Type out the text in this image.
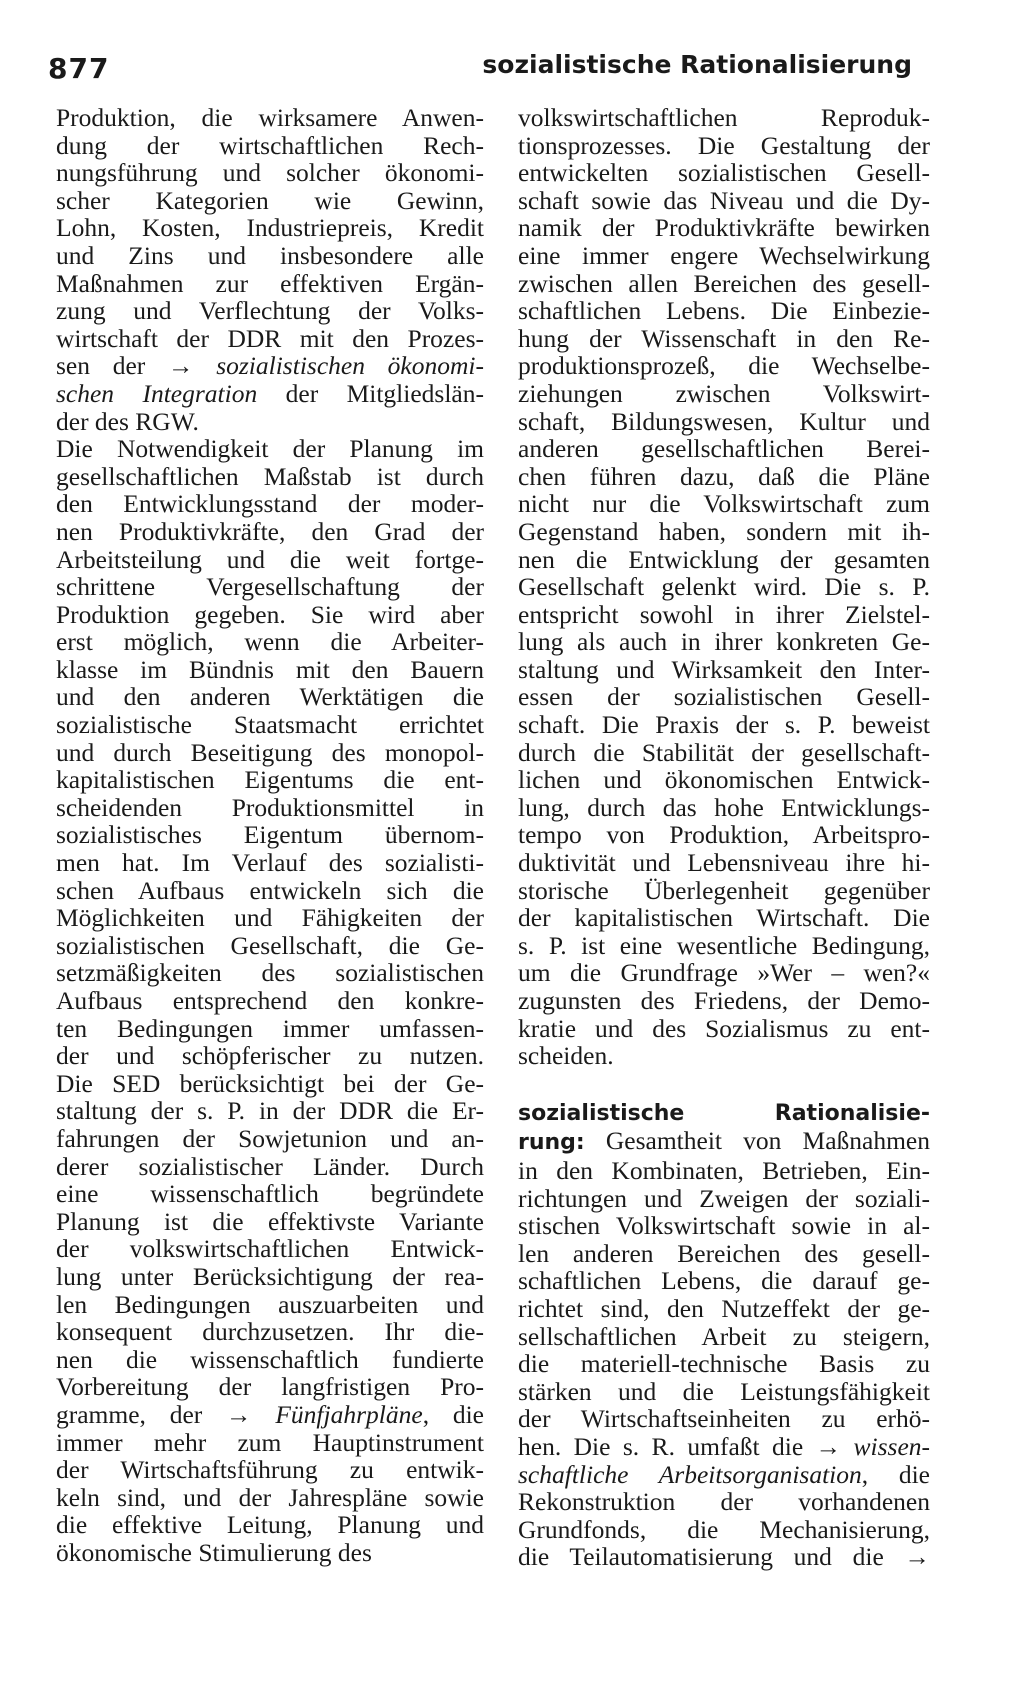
877	sozialistische Rationalisierung
Produktion, die wirksamere Anwen-
dung der wirtschaftlichen Rech-
nungsführung und solcher ökonomi-
scher Kategorien wie Gewinn,
Lohn, Kosten, Industriepreis, Kredit
und Zins und insbesondere alle
Maßnahmen zur effektiven Ergän-
zung und Verflechtung der Volks-
wirtschaft der DDR mit den Prozes-
sen der → sozialistischen ökonomi-
schen Integration der Mitgliedslän-
der des RGW.
Die Notwendigkeit der Planung im
gesellschaftlichen Maßstab ist durch
den Entwicklungsstand der moder-
nen Produktivkräfte, den Grad der
Arbeitsteilung und die weit fortge-
schrittene Vergesellschaftung der
Produktion gegeben. Sie wird aber
erst möglich, wenn die Arbeiter-
klasse im Bündnis mit den Bauern
und den anderen Werktätigen die
sozialistische Staatsmacht errichtet
und durch Beseitigung des monopol-
kapitalistischen Eigentums die ent-
scheidenden Produktionsmittel in
sozialistisches Eigentum übernom-
men hat. Im Verlauf des sozialisti-
schen Aufbaus entwickeln sich die
Möglichkeiten und Fähigkeiten der
sozialistischen Gesellschaft, die Ge-
setzmäßigkeiten des sozialistischen
Aufbaus entsprechend den konkre-
ten Bedingungen immer umfassen-
der und schöpferischer zu nutzen.
Die SED berücksichtigt bei der Ge-
staltung der s. P. in der DDR die Er-
fahrungen der Sowjetunion und an-
derer sozialistischer Länder. Durch
eine wissenschaftlich begründete
Planung ist die effektivste Variante
der volkswirtschaftlichen Entwick-
lung unter Berücksichtigung der rea-
len Bedingungen auszuarbeiten und
konsequent durchzusetzen. Ihr die-
nen die wissenschaftlich fundierte
Vorbereitung der langfristigen Pro-
gramme, der → Fünfjahrpläne, die
immer mehr zum Hauptinstrument
der Wirtschaftsführung zu entwik-
keln sind, und der Jahrespläne sowie
die effektive Leitung, Planung und
ökonomische Stimulierung des
volkswirtschaftlichen Reproduk-
tionsprozesses. Die Gestaltung der
entwickelten sozialistischen Gesell-
schaft sowie das Niveau und die Dy-
namik der Produktivkräfte bewirken
eine immer engere Wechselwirkung
zwischen allen Bereichen des gesell-
schaftlichen Lebens. Die Einbezie-
hung der Wissenschaft in den Re-
produktionsprozeß, die Wechselbe-
ziehungen zwischen Volkswirt-
schaft, Bildungswesen, Kultur und
anderen gesellschaftlichen Berei-
chen führen dazu, daß die Pläne
nicht nur die Volkswirtschaft zum
Gegenstand haben, sondern mit ih-
nen die Entwicklung der gesamten
Gesellschaft gelenkt wird. Die s. P.
entspricht sowohl in ihrer Zielstel-
lung als auch in ihrer konkreten Ge-
staltung und Wirksamkeit den Inter-
essen der sozialistischen Gesell-
schaft. Die Praxis der s. P. beweist
durch die Stabilität der gesellschaft-
lichen und ökonomischen Entwick-
lung, durch das hohe Entwicklungs-
tempo von Produktion, Arbeitspro-
duktivität und Lebensniveau ihre hi-
storische Überlegenheit gegenüber
der kapitalistischen Wirtschaft. Die
s. P. ist eine wesentliche Bedingung,
um die Grundfrage »Wer – wen?«
zugunsten des Friedens, der Demo-
kratie und des Sozialismus zu ent-
scheiden.
sozialistische Rationalisie-
rung: Gesamtheit von Maßnahmen
in den Kombinaten, Betrieben, Ein-
richtungen und Zweigen der soziali-
stischen Volkswirtschaft sowie in al-
len anderen Bereichen des gesell-
schaftlichen Lebens, die darauf ge-
richtet sind, den Nutzeffekt der ge-
sellschaftlichen Arbeit zu steigern,
die materiell-technische Basis zu
stärken und die Leistungsfähigkeit
der Wirtschaftseinheiten zu erhö-
hen. Die s. R. umfaßt die → wissen-
schaftliche Arbeitsorganisation, die
Rekonstruktion der vorhandenen
Grundfonds, die Mechanisierung,
die Teilautomatisierung und die →
